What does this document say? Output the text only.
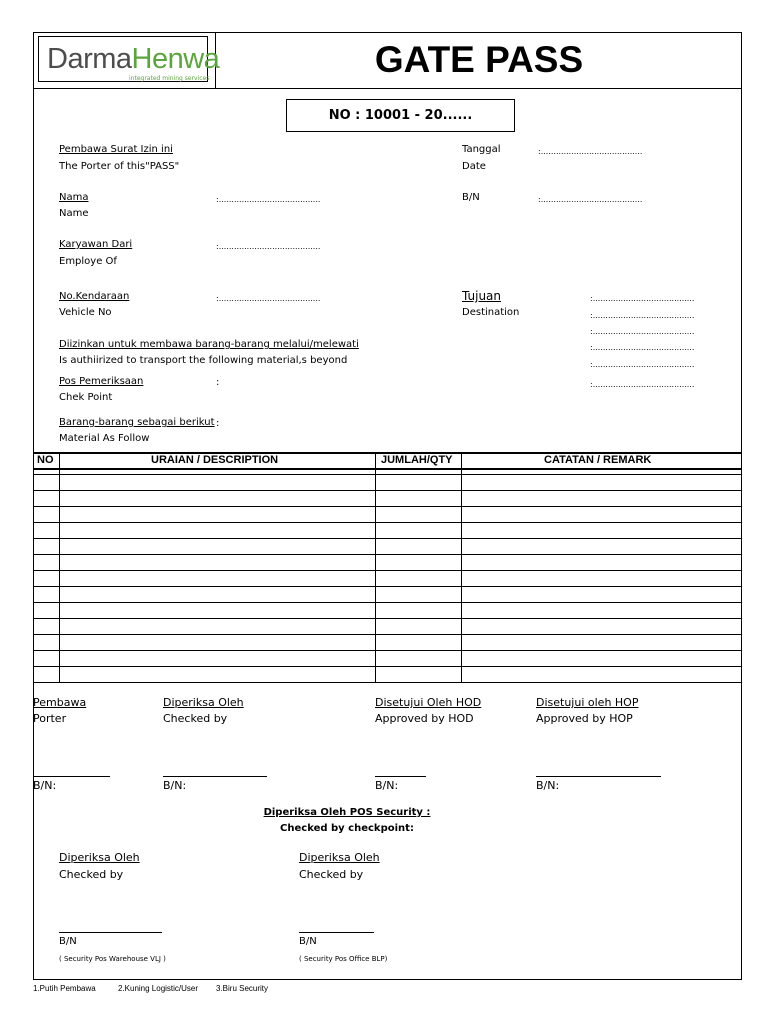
DarmaHenwa
integrated mining services	GATE PASS
NO : 10001 - 20......
Pembawa Surat Izin ini
The Porter of this"PASS"
Nama
Name
:........................................
Karyawan Dari
Employe Of
:........................................
No.Kendaraan
Vehicle No
:........................................
Diizinkan untuk membawa barang-barang melalui/melewati
Is authiirized to transport the following material,s beyond
Pos Pemeriksaan
Chek Point
:
Barang-barang sebagai berikut
Material As Follow
:
Tanggal
Date
:........................................
B/N	:........................................
Tujuan
Destination
:........................................
:........................................
:........................................
:........................................
:........................................
:........................................
NO	URAIAN / DESCRIPTION	JUMLAH/QTY	CATATAN / REMARK
Pembawa
Porter
Diperiksa Oleh
Checked by
Disetujui Oleh HOD
Approved by HOD
Disetujui oleh HOP
Approved by HOP
B/N:	B/N:	B/N:	B/N:
Diperiksa Oleh POS Security :
Checked by checkpoint:
Diperiksa Oleh
Checked by
Diperiksa Oleh
Checked by
B/N	B/N
( Security Pos Warehouse VLJ )	( Security Pos Office BLP)
1.Putih Pembawa	2.Kuning Logistic/User 3.Biru Security
